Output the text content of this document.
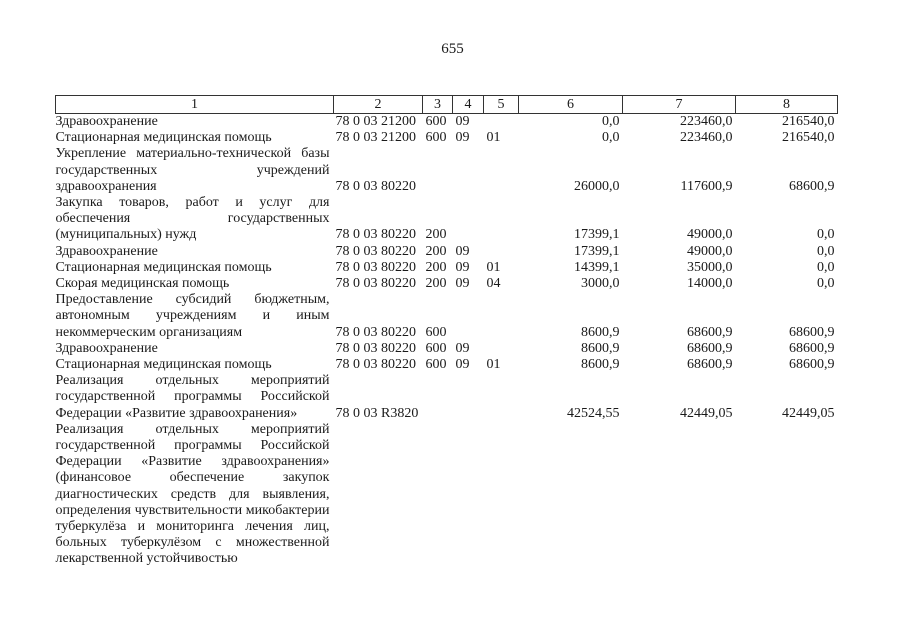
655
1	2	3	4	5	6	7	8
Здравоохранение	78 0 03 21200	600	09		0,0	223460,0	216540,0
Стационарная медицинская помощь	78 0 03 21200	600	09	01	0,0	223460,0	216540,0
Укрепление материально-технической базы государственных учреждений здравоохранения	78 0 03 80220				26000,0	117600,9	68600,9
Закупка товаров, работ и услуг для обеспечения государственных (муниципальных) нужд	78 0 03 80220	200			17399,1	49000,0	0,0
Здравоохранение	78 0 03 80220	200	09		17399,1	49000,0	0,0
Стационарная медицинская помощь	78 0 03 80220	200	09	01	14399,1	35000,0	0,0
Скорая медицинская помощь	78 0 03 80220	200	09	04	3000,0	14000,0	0,0
Предоставление субсидий бюджетным, автономным учреждениям и иным некоммерческим организациям	78 0 03 80220	600			8600,9	68600,9	68600,9
Здравоохранение	78 0 03 80220	600	09		8600,9	68600,9	68600,9
Стационарная медицинская помощь	78 0 03 80220	600	09	01	8600,9	68600,9	68600,9
Реализация отдельных мероприятий государственной программы Российской Федерации «Развитие здравоохранения»	78 0 03 R3820				42524,55	42449,05	42449,05
Реализация отдельных мероприятий государственной программы Российской Федерации «Развитие здравоохранения» (финансовое обеспечение закупок диагностических средств для выявления, определения чувствительности микобактерии туберкулёза и мониторинга лечения лиц, больных туберкулёзом с множественной лекарственной устойчивостью							
